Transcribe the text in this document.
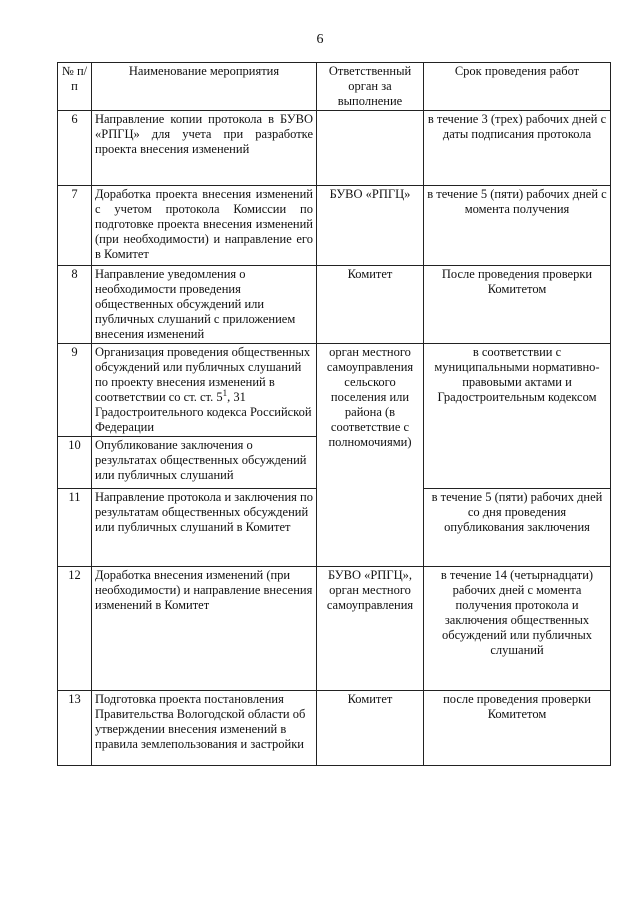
6
№ п/п	Наименование мероприятия	Ответственный орган за выполнение	Срок проведения работ
6	Направление копии протокола в БУВО «РПГЦ» для учета при разработке проекта внесения изменений		в течение 3 (трех) рабочих дней с даты подписания протокола
7	Доработка проекта внесения изменений с учетом протокола Комиссии по подготовке проекта внесения изменений (при необходимости) и направление его в Комитет	БУВО «РПГЦ»	в течение 5 (пяти) рабочих дней с момента получения
8	Направление уведомления о необходимости проведения общественных обсуждений или публичных слушаний с приложением внесения изменений	Комитет	После проведения проверки Комитетом
9	Организация проведения общественных обсуждений или публичных слушаний по проекту внесения изменений в соответствии со ст. ст. $5^1$, 31 Градостроительного кодекса Российской Федерации	орган местного самоуправления сельского поселения или района (в соответствие с полномочиями)	в соответствии с муниципальными нормативно-правовыми актами и Градостроительным кодексом
10	Опубликование заключения о результатах общественных обсуждений или публичных слушаний		
11	Направление протокола и заключения по результатам общественных обсуждений или публичных слушаний в Комитет		в течение 5 (пяти) рабочих дней со дня проведения опубликования заключения
12	Доработка внесения изменений (при необходимости) и направление внесения изменений в Комитет	БУВО «РПГЦ», орган местного самоуправления	в течение 14 (четырнадцати) рабочих дней с момента получения протокола и заключения общественных обсуждений или публичных слушаний
13	Подготовка проекта постановления Правительства Вологодской области об утверждении внесения изменений в правила землепользования и застройки	Комитет	после проведения проверки Комитетом
